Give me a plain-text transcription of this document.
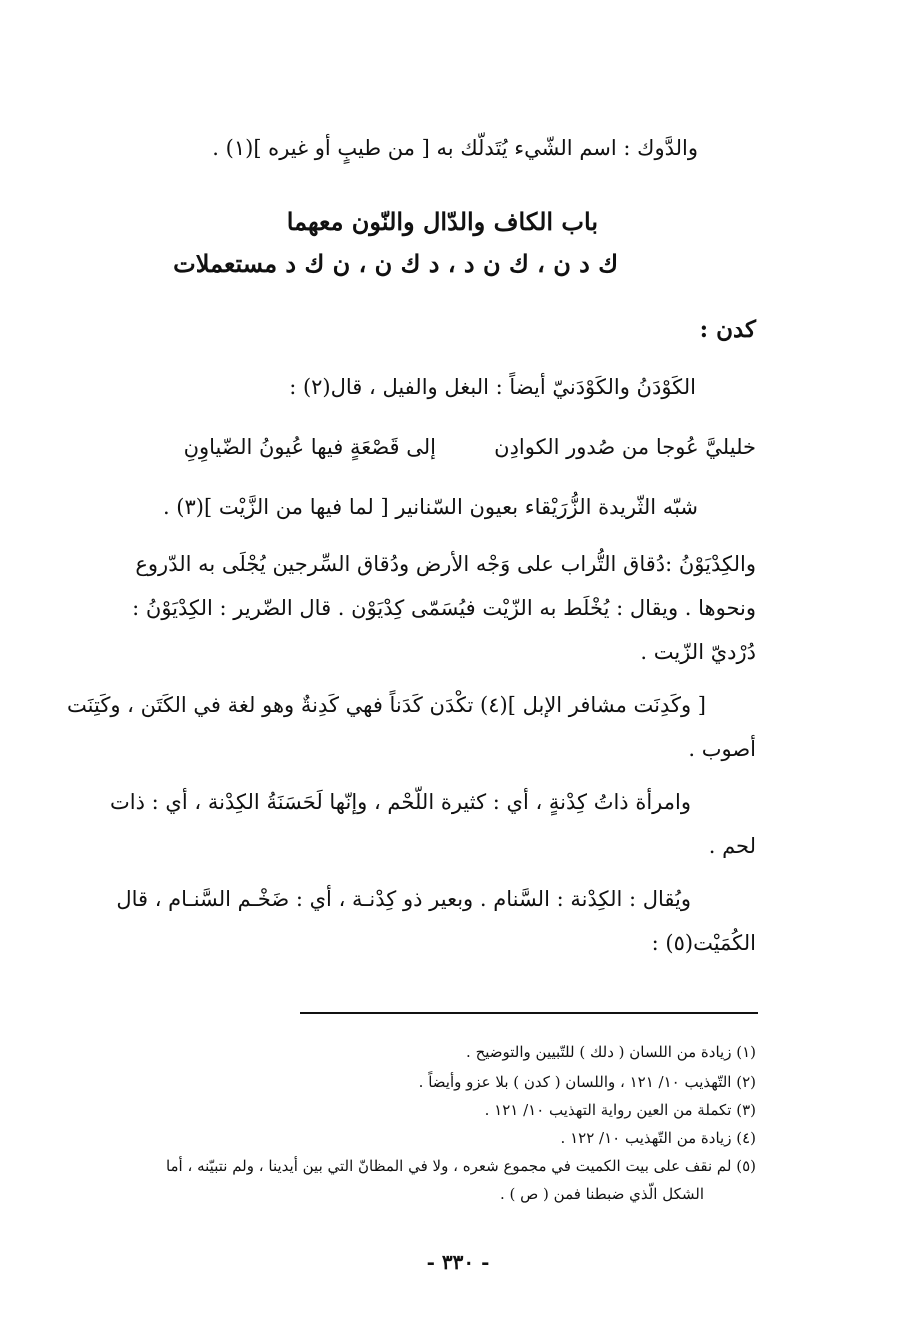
والدَّوك : اسم الشّيء يُتَدلّك به [ من طيبٍ أو غيره ](١) .
باب الكاف والدّال والنّون معهما
ك د ن ، ك ن د ، د ك ن ، ن ك د مستعملات
كدن :
الكَوْدَنُ والكَوْدَنيّ أيضاً : البغل والفيل ، قال(٢) :
خليليَّ عُوجا من صُدور الكوادِن
إلى قَصْعَةٍ فيها عُيونُ الضّياوِنِ
شبّه الثّريدة الزُّرَيْقاء بعيون السّنانير [ لما فيها من الزَّيْت ](٣) .
والكِدْيَوْنُ :دُقاق التُّراب على وَجْه الأرض ودُقاق السِّرجين يُجْلَى به الدّروع
ونحوها . ويقال : يُخْلَط به الزّيْت فيُسَمّى كِدْيَوْن . قال الضّرير : الكِدْيَوْنُ :
دُرْديّ الزّيت .
[ وكَدِنَت مشافر الإبل ](٤) تكْدَن كَدَناً فهي كَدِنةٌ وهو لغة في الكَتَن ، وكَتِنَت
أصوب .
وامرأة ذاتُ كِدْنةٍ ، أي : كثيرة اللّحْم ، وإنّها لَحَسَنَةُ الكِدْنة ، أي : ذات
لحم .
ويُقال : الكِدْنة : السَّنام . وبعير ذو كِدْنـة ، أي : ضَخْـم السَّنـام ، قال
الكُمَيْت(٥) :
(١) زيادة من اللسان ( دلك ) للتّبيين والتوضيح .
(٢) التّهذيب ١٠/ ١٢١ ، واللسان ( كدن ) بلا عزو وأيضاً .
(٣) تكملة من العين رواية التهذيب ١٠/ ١٢١ .
(٤) زيادة من التّهذيب ١٠/ ١٢٢ .
(٥) لم نقف على بيت الكميت في مجموع شعره ، ولا في المظانّ التي بين أيدينا ، ولم نتبيّنه ، أما
الشكل الّذي ضبطنا فمن ( ص ) .
- ٣٣٠ -
